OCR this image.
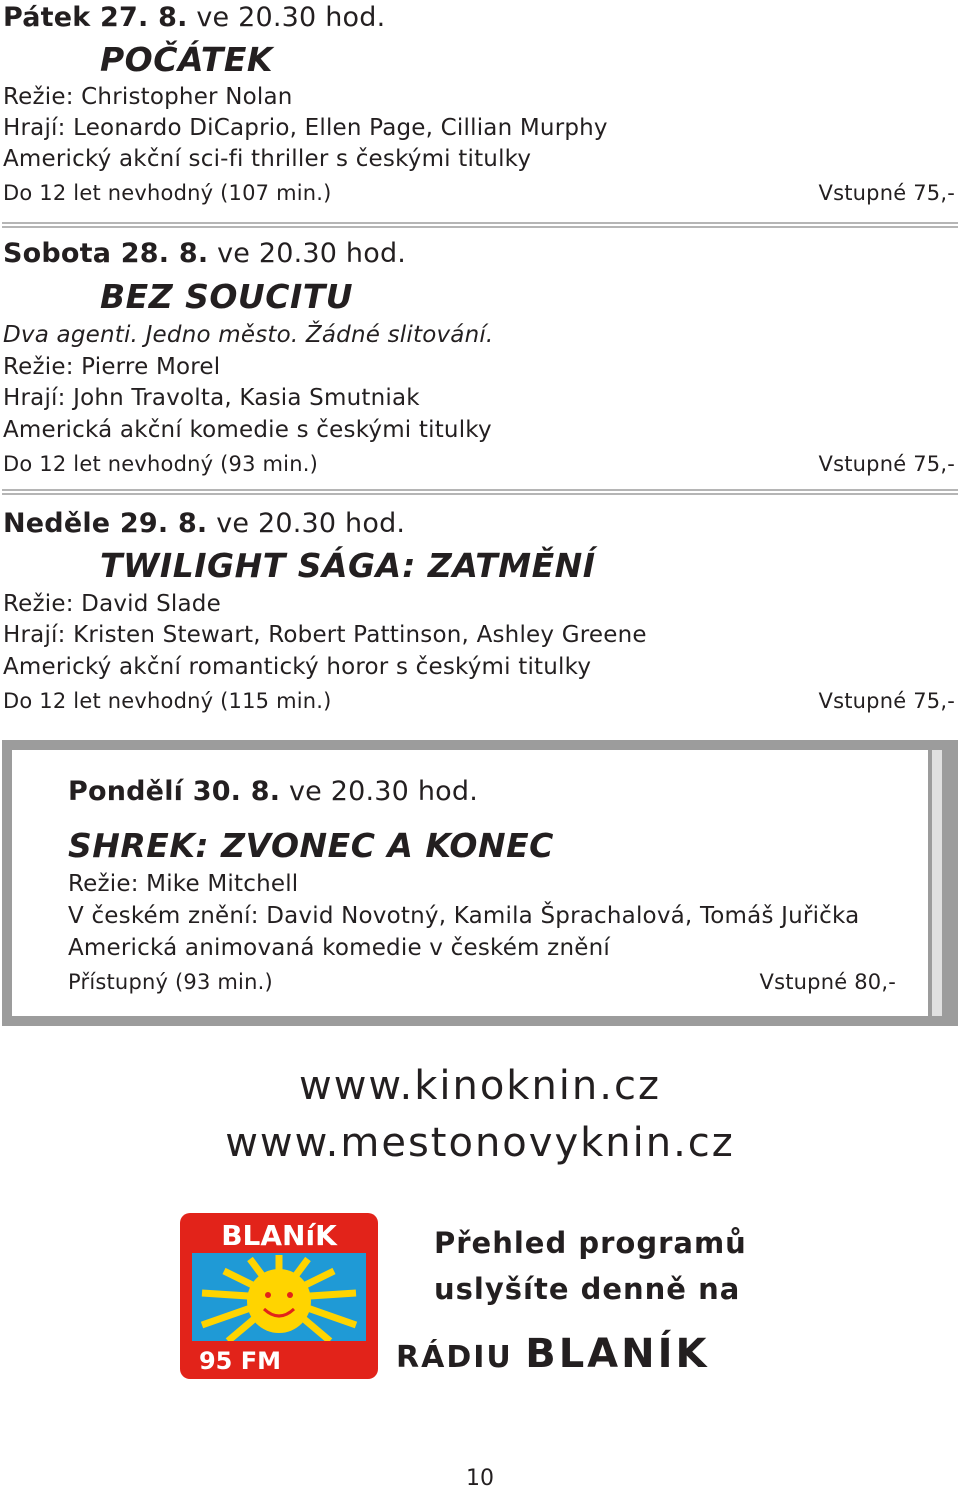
Pátek 27. 8. ve 20.30 hod.
POČÁTEK
Režie: Christopher Nolan
Hrají: Leonardo DiCaprio, Ellen Page, Cillian Murphy
Americký akční sci-fi thriller s českými titulky
Do 12 let nevhodný (107 min.)	Vstupné 75,-
Sobota 28. 8. ve 20.30 hod.
BEZ SOUCITU
Dva agenti. Jedno město. Žádné slitování.
Režie: Pierre Morel
Hrají: John Travolta, Kasia Smutniak
Americká akční komedie s českými titulky
Do 12 let nevhodný (93 min.)	Vstupné 75,-
Neděle 29. 8. ve 20.30 hod.
TWILIGHT SÁGA: ZATMĚNÍ
Režie: David Slade
Hrají: Kristen Stewart, Robert Pattinson, Ashley Greene
Americký akční romantický horor s českými titulky
Do 12 let nevhodný (115 min.)	Vstupné 75,-
Pondělí 30. 8. ve 20.30 hod.
SHREK: ZVONEC A KONEC
Režie: Mike Mitchell
V českém znění: David Novotný, Kamila Šprachalová, Tomáš Juřička
Americká animovaná komedie v českém znění
Přístupný (93 min.)	Vstupné 80,-
www.kinoknin.cz
www.mestonovyknin.cz
BLANíK
95 FM
Přehled programů
uslyšíte denně na
RÁDIU BLANÍK
10
